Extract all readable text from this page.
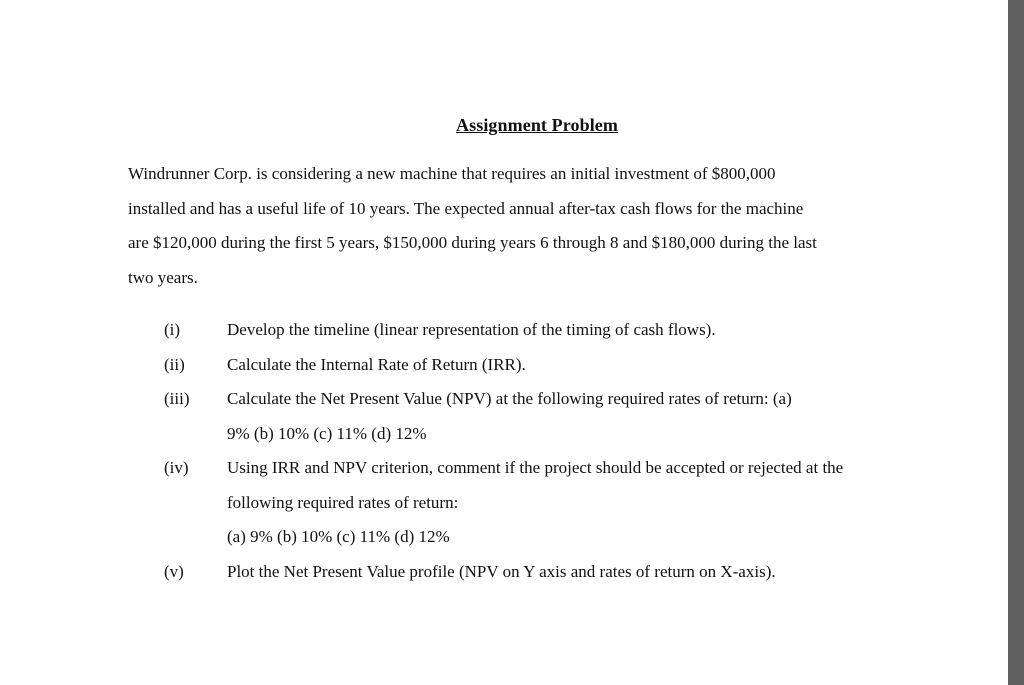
Assignment Problem

Windrunner Corp. is considering a new machine that requires an initial investment of $800,000
installed and has a useful life of 10 years. The expected annual after-tax cash flows for the machine
are $120,000 during the first 5 years, $150,000 during years 6 through 8 and $180,000 during the last
two years.

(i)	Develop the timeline (linear representation of the timing of cash flows).
(ii) Calculate the Internal Rate of Return (IRR).
(iii) Calculate the Net Present Value (NPV) at the following required rates of return: (a)
9% (b) 10% (c) 11% (d) 12%
(iv) Using IRR and NPV criterion, comment if the project should be accepted or rejected at the
following required rates of return:
(a) 9% (b) 10% (c) 11% (d) 12%
(v)	Plot the Net Present Value profile (NPV on Y axis and rates of return on X-axis).
